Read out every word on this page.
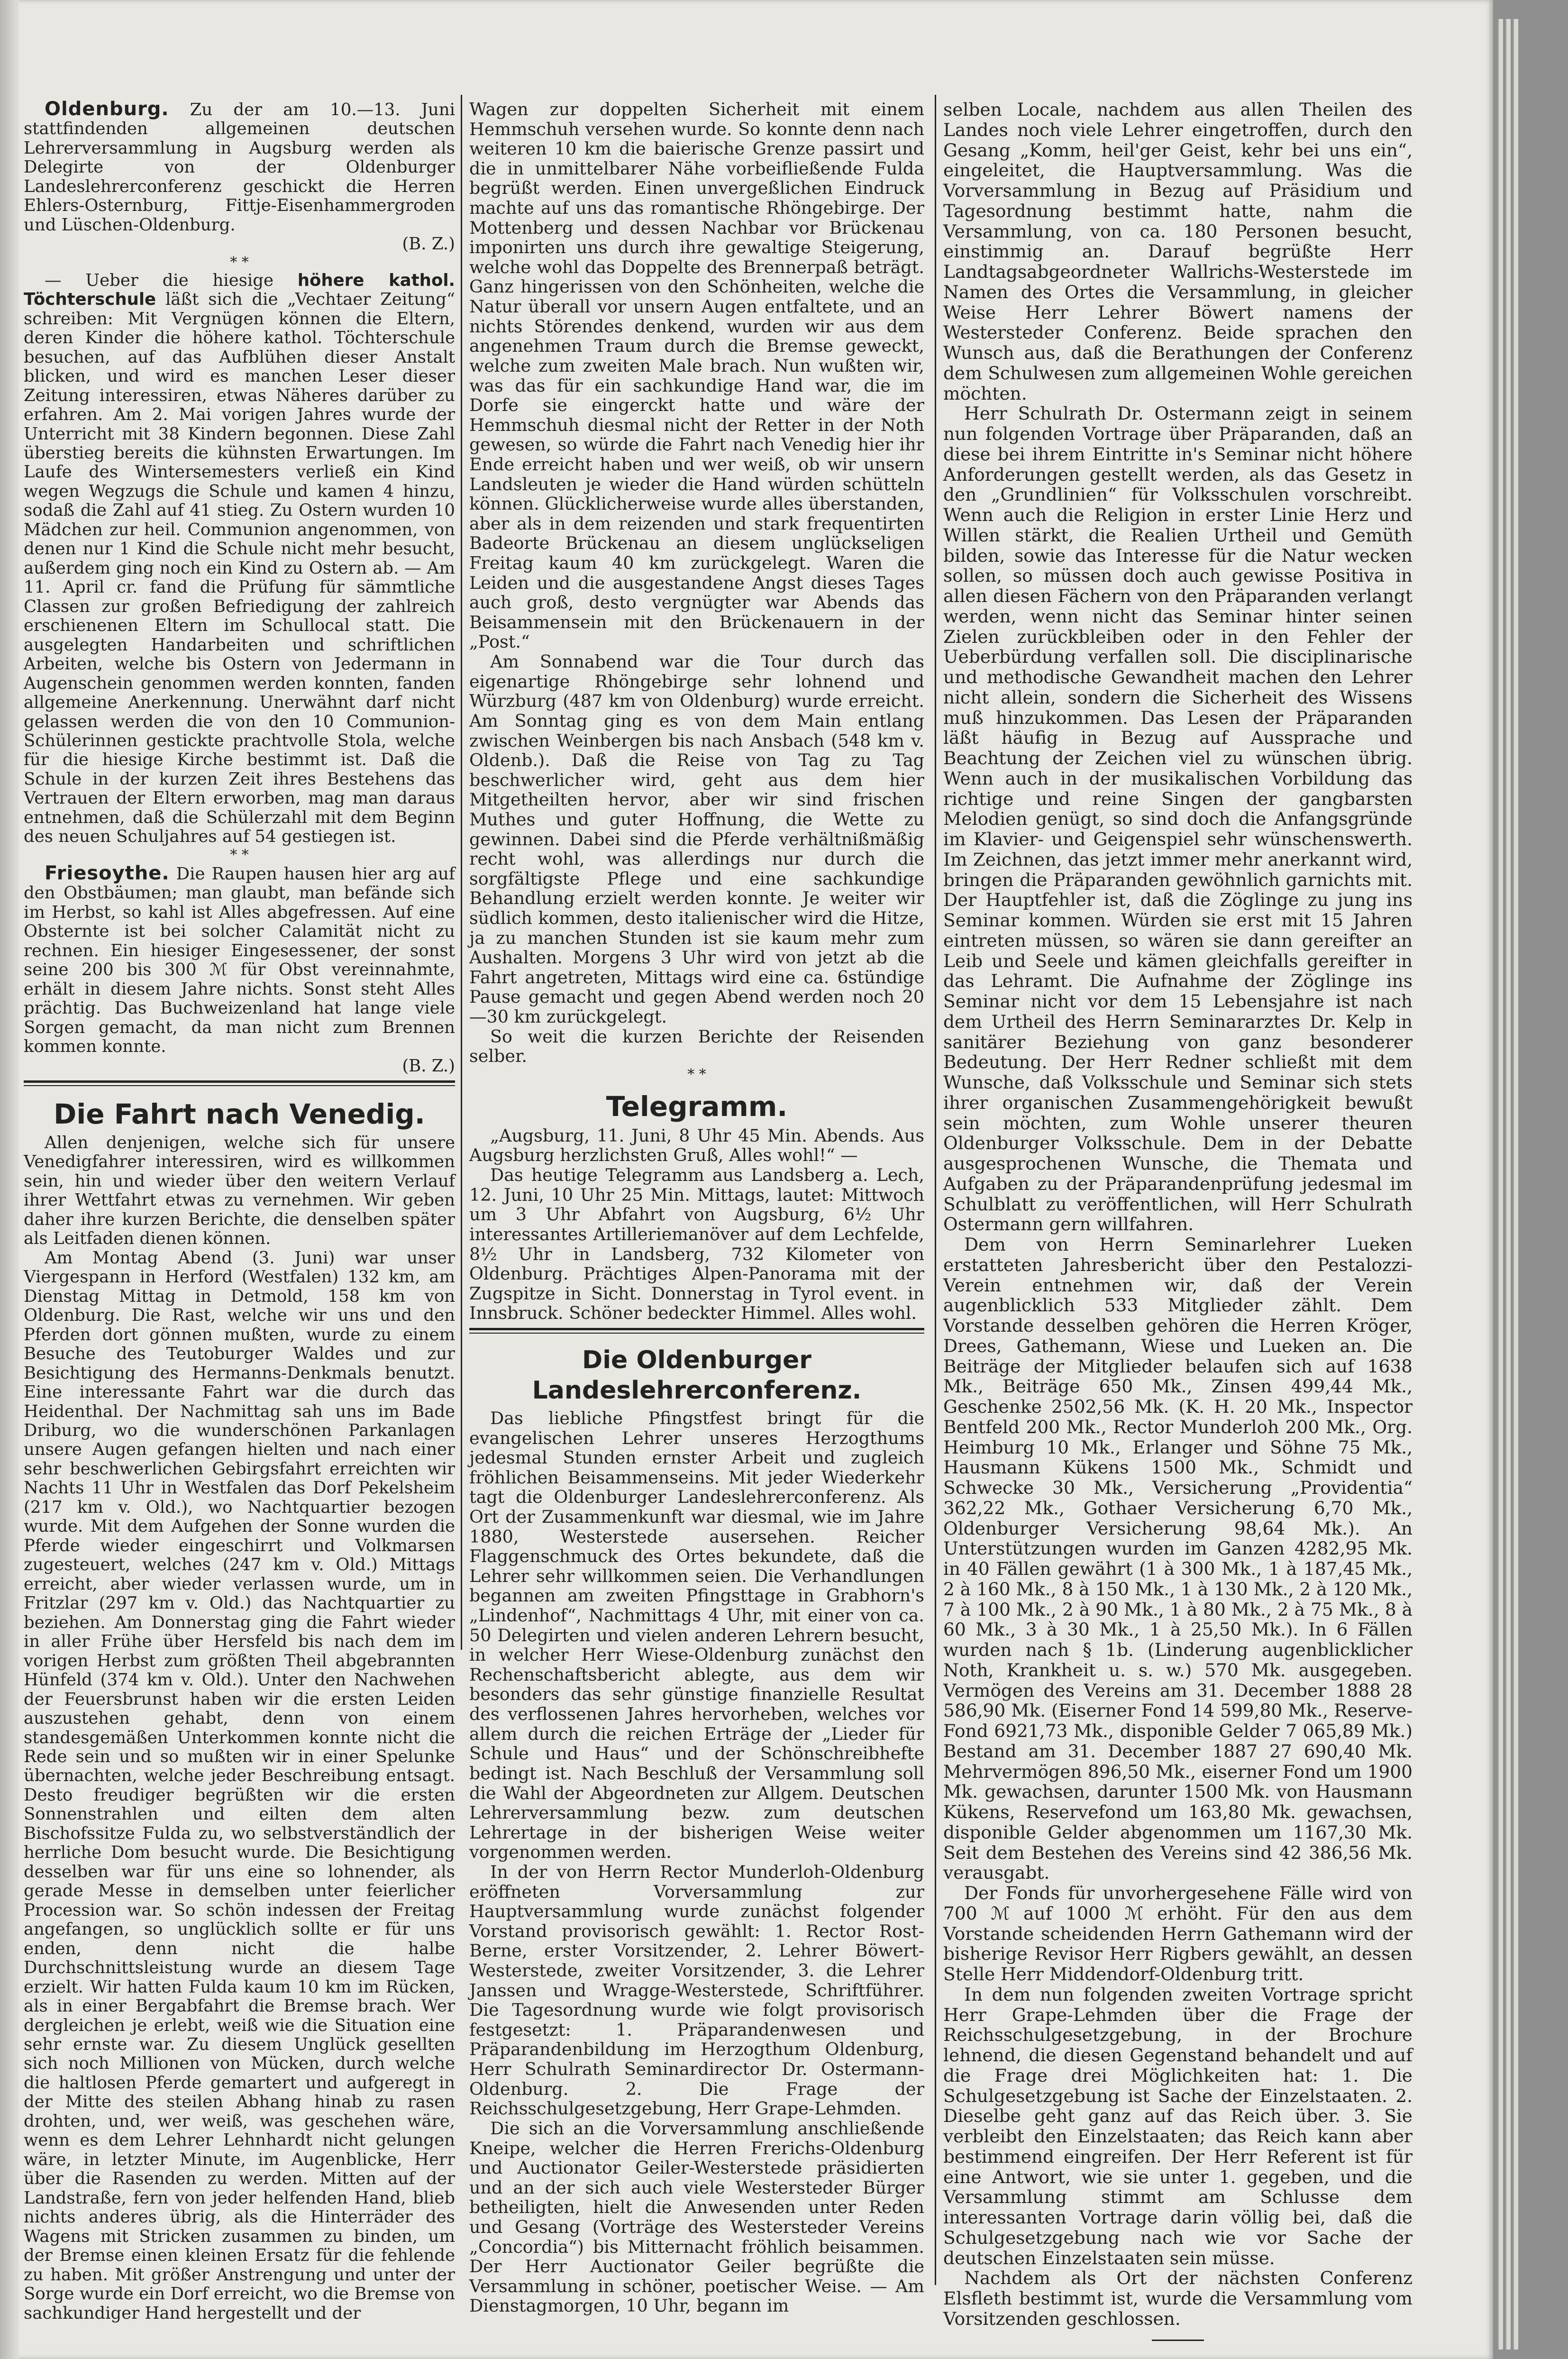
Oldenburg. Zu der am 10.—13. Juni stattfindenden allgemeinen deutschen Lehrerversammlung in Augsburg werden als Delegirte von der Oldenburger Landeslehrerconferenz geschickt die Herren Ehlers-Osternburg, Fittje-Eisenhammergroden und Lüschen-Oldenburg.

(B. Z.)
* *

— Ueber die hiesige höhere kathol. Töchterschule läßt sich die „Vechtaer Zeitung“ schreiben: Mit Vergnügen können die Eltern, deren Kinder die höhere kathol. Töchterschule besuchen, auf das Aufblühen dieser Anstalt blicken, und wird es manchen Leser dieser Zeitung interessiren, etwas Näheres darüber zu erfahren. Am 2. Mai vorigen Jahres wurde der Unterricht mit 38 Kindern begonnen. Diese Zahl überstieg bereits die kühnsten Erwartungen. Im Laufe des Wintersemesters verließ ein Kind wegen Wegzugs die Schule und kamen 4 hinzu, sodaß die Zahl auf 41 stieg. Zu Ostern wurden 10 Mädchen zur heil. Communion angenommen, von denen nur 1 Kind die Schule nicht mehr besucht, außerdem ging noch ein Kind zu Ostern ab. — Am 11. April cr. fand die Prüfung für sämmtliche Classen zur großen Befriedigung der zahlreich erschienenen Eltern im Schullocal statt. Die ausgelegten Handarbeiten und schriftlichen Arbeiten, welche bis Ostern von Jedermann in Augenschein genommen werden konnten, fanden allgemeine Anerkennung. Unerwähnt darf nicht gelassen werden die von den 10 Communion-Schülerinnen gestickte prachtvolle Stola, welche für die hiesige Kirche bestimmt ist. Daß die Schule in der kurzen Zeit ihres Bestehens das Vertrauen der Eltern erworben, mag man daraus entnehmen, daß die Schülerzahl mit dem Beginn des neuen Schuljahres auf 54 gestiegen ist.

* *

Friesoythe. Die Raupen hausen hier arg auf den Obstbäumen; man glaubt, man befände sich im Herbst, so kahl ist Alles abgefressen. Auf eine Obsternte ist bei solcher Calamität nicht zu rechnen. Ein hiesiger Eingesessener, der sonst seine 200 bis 300 ℳ für Obst vereinnahmte, erhält in diesem Jahre nichts. Sonst steht Alles prächtig. Das Buchweizenland hat lange viele Sorgen gemacht, da man nicht zum Brennen kommen konnte.

(B. Z.)
Die Fahrt nach Venedig.

Allen denjenigen, welche sich für unsere Venedigfahrer interessiren, wird es willkommen sein, hin und wieder über den weitern Verlauf ihrer Wettfahrt etwas zu vernehmen. Wir geben daher ihre kurzen Berichte, die denselben später als Leitfaden dienen können.

Am Montag Abend (3. Juni) war unser Viergespann in Herford (Westfalen) 132 km, am Dienstag Mittag in Detmold, 158 km von Oldenburg. Die Rast, welche wir uns und den Pferden dort gönnen mußten, wurde zu einem Besuche des Teutoburger Waldes und zur Besichtigung des Hermanns-Denkmals benutzt. Eine interessante Fahrt war die durch das Heidenthal. Der Nachmittag sah uns im Bade Driburg, wo die wunderschönen Parkanlagen unsere Augen gefangen hielten und nach einer sehr beschwerlichen Gebirgsfahrt erreichten wir Nachts 11 Uhr in Westfalen das Dorf Pekelsheim (217 km v. Old.), wo Nachtquartier bezogen wurde. Mit dem Aufgehen der Sonne wurden die Pferde wieder eingeschirrt und Volkmarsen zugesteuert, welches (247 km v. Old.) Mittags erreicht, aber wieder verlassen wurde, um in Fritzlar (297 km v. Old.) das Nachtquartier zu beziehen. Am Donnerstag ging die Fahrt wieder in aller Frühe über Hersfeld bis nach dem im vorigen Herbst zum größten Theil abgebrannten Hünfeld (374 km v. Old.). Unter den Nachwehen der Feuersbrunst haben wir die ersten Leiden auszustehen gehabt, denn von einem standesgemäßen Unterkommen konnte nicht die Rede sein und so mußten wir in einer Spelunke übernachten, welche jeder Beschreibung entsagt. Desto freudiger begrüßten wir die ersten Sonnenstrahlen und eilten dem alten Bischofssitze Fulda zu, wo selbstverständlich der herrliche Dom besucht wurde. Die Besichtigung desselben war für uns eine so lohnender, als gerade Messe in demselben unter feierlicher Procession war. So schön indessen der Freitag angefangen, so unglücklich sollte er für uns enden, denn nicht die halbe Durchschnittsleistung wurde an diesem Tage erzielt. Wir hatten Fulda kaum 10 km im Rücken, als in einer Bergabfahrt die Bremse brach. Wer dergleichen je erlebt, weiß wie die Situation eine sehr ernste war. Zu diesem Unglück gesellten sich noch Millionen von Mücken, durch welche die haltlosen Pferde gemartert und aufgeregt in der Mitte des steilen Abhang hinab zu rasen drohten, und, wer weiß, was geschehen wäre, wenn es dem Lehrer Lehnhardt nicht gelungen wäre, in letzter Minute, im Augenblicke, Herr über die Rasenden zu werden. Mitten auf der Landstraße, fern von jeder helfenden Hand, blieb nichts anderes übrig, als die Hinterräder des Wagens mit Stricken zusammen zu binden, um der Bremse einen kleinen Ersatz für die fehlende zu haben. Mit größer Anstrengung und unter der Sorge wurde ein Dorf erreicht, wo die Bremse von sachkundiger Hand hergestellt und der

Wagen zur doppelten Sicherheit mit einem Hemmschuh versehen wurde. So konnte denn nach weiteren 10 km die baierische Grenze passirt und die in unmittelbarer Nähe vorbeifließende Fulda begrüßt werden. Einen unvergeßlichen Eindruck machte auf uns das romantische Rhöngebirge. Der Mottenberg und dessen Nachbar vor Brückenau imponirten uns durch ihre gewaltige Steigerung, welche wohl das Doppelte des Brennerpaß beträgt. Ganz hingerissen von den Schönheiten, welche die Natur überall vor unsern Augen entfaltete, und an nichts Störendes denkend, wurden wir aus dem angenehmen Traum durch die Bremse geweckt, welche zum zweiten Male brach. Nun wußten wir, was das für ein sachkundige Hand war, die im Dorfe sie eingerckt hatte und wäre der Hemmschuh diesmal nicht der Retter in der Noth gewesen, so würde die Fahrt nach Venedig hier ihr Ende erreicht haben und wer weiß, ob wir unsern Landsleuten je wieder die Hand würden schütteln können. Glücklicherweise wurde alles überstanden, aber als in dem reizenden und stark frequentirten Badeorte Brückenau an diesem unglückseligen Freitag kaum 40 km zurückgelegt. Waren die Leiden und die ausgestandene Angst dieses Tages auch groß, desto vergnügter war Abends das Beisammensein mit den Brückenauern in der „Post.“

Am Sonnabend war die Tour durch das eigenartige Rhöngebirge sehr lohnend und Würzburg (487 km von Oldenburg) wurde erreicht. Am Sonntag ging es von dem Main entlang zwischen Weinbergen bis nach Ansbach (548 km v. Oldenb.). Daß die Reise von Tag zu Tag beschwerlicher wird, geht aus dem hier Mitgetheilten hervor, aber wir sind frischen Muthes und guter Hoffnung, die Wette zu gewinnen. Dabei sind die Pferde verhältnißmäßig recht wohl, was allerdings nur durch die sorgfältigste Pflege und eine sachkundige Behandlung erzielt werden konnte. Je weiter wir südlich kommen, desto italienischer wird die Hitze, ja zu manchen Stunden ist sie kaum mehr zum Aushalten. Morgens 3 Uhr wird von jetzt ab die Fahrt angetreten, Mittags wird eine ca. 6stündige Pause gemacht und gegen Abend werden noch 20—30 km zurückgelegt.

So weit die kurzen Berichte der Reisenden selber.

* *
Telegramm.

„Augsburg, 11. Juni, 8 Uhr 45 Min. Abends. Aus Augsburg herzlichsten Gruß, Alles wohl!“ —

Das heutige Telegramm aus Landsberg a. Lech, 12. Juni, 10 Uhr 25 Min. Mittags, lautet: Mittwoch um 3 Uhr Abfahrt von Augsburg, 6½ Uhr interessantes Artilleriemanöver auf dem Lechfelde, 8½ Uhr in Landsberg, 732 Kilometer von Oldenburg. Prächtiges Alpen-Panorama mit der Zugspitze in Sicht. Donnerstag in Tyrol event. in Innsbruck. Schöner bedeckter Himmel. Alles wohl.

Die Oldenburger Landeslehrerconferenz.

Das liebliche Pfingstfest bringt für die evangelischen Lehrer unseres Herzogthums jedesmal Stunden ernster Arbeit und zugleich fröhlichen Beisammenseins. Mit jeder Wiederkehr tagt die Oldenburger Landeslehrerconferenz. Als Ort der Zusammenkunft war diesmal, wie im Jahre 1880, Westerstede ausersehen. Reicher Flaggenschmuck des Ortes bekundete, daß die Lehrer sehr willkommen seien. Die Verhandlungen begannen am zweiten Pfingsttage in Grabhorn's „Lindenhof“, Nachmittags 4 Uhr, mit einer von ca. 50 Delegirten und vielen anderen Lehrern besucht, in welcher Herr Wiese-Oldenburg zunächst den Rechenschaftsbericht ablegte, aus dem wir besonders das sehr günstige finanzielle Resultat des verflossenen Jahres hervorheben, welches vor allem durch die reichen Erträge der „Lieder für Schule und Haus“ und der Schönschreibhefte bedingt ist. Nach Beschluß der Versammlung soll die Wahl der Abgeordneten zur Allgem. Deutschen Lehrerversammlung bezw. zum deutschen Lehrertage in der bisherigen Weise weiter vorgenommen werden.

In der von Herrn Rector Munderloh-Oldenburg eröffneten Vorversammlung zur Hauptversammlung wurde zunächst folgender Vorstand provisorisch gewählt: 1. Rector Rost-Berne, erster Vorsitzender, 2. Lehrer Böwert-Westerstede, zweiter Vorsitzender, 3. die Lehrer Janssen und Wragge-Westerstede, Schriftführer. Die Tagesordnung wurde wie folgt provisorisch festgesetzt: 1. Präparandenwesen und Präparandenbildung im Herzogthum Oldenburg, Herr Schulrath Seminardirector Dr. Ostermann-Oldenburg. 2. Die Frage der Reichsschulgesetzgebung, Herr Grape-Lehmden.

Die sich an die Vorversammlung anschließende Kneipe, welcher die Herren Frerichs-Oldenburg und Auctionator Geiler-Westerstede präsidierten und an der sich auch viele Westersteder Bürger betheiligten, hielt die Anwesenden unter Reden und Gesang (Vorträge des Westersteder Vereins „Concordia“) bis Mitternacht fröhlich beisammen. Der Herr Auctionator Geiler begrüßte die Versammlung in schöner, poetischer Weise. — Am Dienstagmorgen, 10 Uhr, begann im

selben Locale, nachdem aus allen Theilen des Landes noch viele Lehrer eingetroffen, durch den Gesang „Komm, heil'ger Geist, kehr bei uns ein“, eingeleitet, die Hauptversammlung. Was die Vorversammlung in Bezug auf Präsidium und Tagesordnung bestimmt hatte, nahm die Versammlung, von ca. 180 Personen besucht, einstimmig an. Darauf begrüßte Herr Landtagsabgeordneter Wallrichs-Westerstede im Namen des Ortes die Versammlung, in gleicher Weise Herr Lehrer Böwert namens der Westersteder Conferenz. Beide sprachen den Wunsch aus, daß die Berathungen der Conferenz dem Schulwesen zum allgemeinen Wohle gereichen möchten.

Herr Schulrath Dr. Ostermann zeigt in seinem nun folgenden Vortrage über Präparanden, daß an diese bei ihrem Eintritte in's Seminar nicht höhere Anforderungen gestellt werden, als das Gesetz in den „Grundlinien“ für Volksschulen vorschreibt. Wenn auch die Religion in erster Linie Herz und Willen stärkt, die Realien Urtheil und Gemüth bilden, sowie das Interesse für die Natur wecken sollen, so müssen doch auch gewisse Positiva in allen diesen Fächern von den Präparanden verlangt werden, wenn nicht das Seminar hinter seinen Zielen zurückbleiben oder in den Fehler der Ueberbürdung verfallen soll. Die disciplinarische und methodische Gewandheit machen den Lehrer nicht allein, sondern die Sicherheit des Wissens muß hinzukommen. Das Lesen der Präparanden läßt häufig in Bezug auf Aussprache und Beachtung der Zeichen viel zu wünschen übrig. Wenn auch in der musikalischen Vorbildung das richtige und reine Singen der gangbarsten Melodien genügt, so sind doch die Anfangsgründe im Klavier- und Geigenspiel sehr wünschenswerth. Im Zeichnen, das jetzt immer mehr anerkannt wird, bringen die Präparanden gewöhnlich garnichts mit. Der Hauptfehler ist, daß die Zöglinge zu jung ins Seminar kommen. Würden sie erst mit 15 Jahren eintreten müssen, so wären sie dann gereifter an Leib und Seele und kämen gleichfalls gereifter in das Lehramt. Die Aufnahme der Zöglinge ins Seminar nicht vor dem 15 Lebensjahre ist nach dem Urtheil des Herrn Seminararztes Dr. Kelp in sanitärer Beziehung von ganz besonderer Bedeutung. Der Herr Redner schließt mit dem Wunsche, daß Volksschule und Seminar sich stets ihrer organischen Zusammengehörigkeit bewußt sein möchten, zum Wohle unserer theuren Oldenburger Volksschule. Dem in der Debatte ausgesprochenen Wunsche, die Themata und Aufgaben zu der Präparandenprüfung jedesmal im Schulblatt zu veröffentlichen, will Herr Schulrath Ostermann gern willfahren.

Dem von Herrn Seminarlehrer Lueken erstatteten Jahresbericht über den Pestalozzi-Verein entnehmen wir, daß der Verein augenblicklich 533 Mitglieder zählt. Dem Vorstande desselben gehören die Herren Kröger, Drees, Gathemann, Wiese und Lueken an. Die Beiträge der Mitglieder belaufen sich auf 1638 Mk., Beiträge 650 Mk., Zinsen 499,44 Mk., Geschenke 2502,56 Mk. (K. H. 20 Mk., Inspector Bentfeld 200 Mk., Rector Munderloh 200 Mk., Org. Heimburg 10 Mk., Erlanger und Söhne 75 Mk., Hausmann Kükens 1500 Mk., Schmidt und Schwecke 30 Mk., Versicherung „Providentia“ 362,22 Mk., Gothaer Versicherung 6,70 Mk., Oldenburger Versicherung 98,64 Mk.). An Unterstützungen wurden im Ganzen 4282,95 Mk. in 40 Fällen gewährt (1 à 300 Mk., 1 à 187,45 Mk., 2 à 160 Mk., 8 à 150 Mk., 1 à 130 Mk., 2 à 120 Mk., 7 à 100 Mk., 2 à 90 Mk., 1 à 80 Mk., 2 à 75 Mk., 8 à 60 Mk., 3 à 30 Mk., 1 à 25,50 Mk.). In 6 Fällen wurden nach § 1b. (Linderung augenblicklicher Noth, Krankheit u. s. w.) 570 Mk. ausgegeben. Vermögen des Vereins am 31. December 1888 28 586,90 Mk. (Eiserner Fond 14 599,80 Mk., Reserve-Fond 6921,73 Mk., disponible Gelder 7 065,89 Mk.) Bestand am 31. December 1887 27 690,40 Mk. Mehrvermögen 896,50 Mk., eiserner Fond um 1900 Mk. gewachsen, darunter 1500 Mk. von Hausmann Kükens, Reservefond um 163,80 Mk. gewachsen, disponible Gelder abgenommen um 1167,30 Mk. Seit dem Bestehen des Vereins sind 42 386,56 Mk. verausgabt.

Der Fonds für unvorhergesehene Fälle wird von 700 ℳ auf 1000 ℳ erhöht. Für den aus dem Vorstande scheidenden Herrn Gathemann wird der bisherige Revisor Herr Rigbers gewählt, an dessen Stelle Herr Middendorf-Oldenburg tritt.

In dem nun folgenden zweiten Vortrage spricht Herr Grape-Lehmden über die Frage der Reichsschulgesetzgebung, in der Brochure lehnend, die diesen Gegenstand behandelt und auf die Frage drei Möglichkeiten hat: 1. Die Schulgesetzgebung ist Sache der Einzelstaaten. 2. Dieselbe geht ganz auf das Reich über. 3. Sie verbleibt den Einzelstaaten; das Reich kann aber bestimmend eingreifen. Der Herr Referent ist für eine Antwort, wie sie unter 1. gegeben, und die Versammlung stimmt am Schlusse dem interessanten Vortrage darin völlig bei, daß die Schulgesetzgebung nach wie vor Sache der deutschen Einzelstaaten sein müsse.

Nachdem als Ort der nächsten Conferenz Elsfleth bestimmt ist, wurde die Versammlung vom Vorsitzenden geschlossen.
